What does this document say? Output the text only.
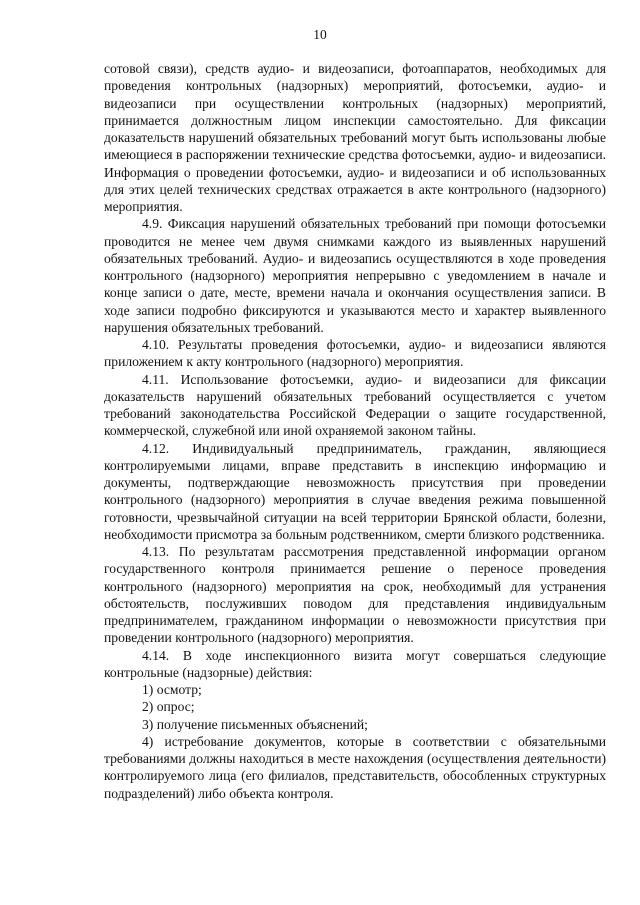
10

сотовой связи), средств аудио- и видеозаписи, фотоаппаратов, необходимых для проведения контрольных (надзорных) мероприятий, фотосъемки, аудио- и видеозаписи при осуществлении контрольных (надзорных) мероприятий, принимается должностным лицом инспекции самостоятельно. Для фиксации доказательств нарушений обязательных требований могут быть использованы любые имеющиеся в распоряжении технические средства фотосъемки, аудио- и видеозаписи. Информация о проведении фотосъемки, аудио- и видеозаписи и об использованных для этих целей технических средствах отражается в акте контрольного (надзорного) мероприятия.

4.9. Фиксация нарушений обязательных требований при помощи фотосъемки проводится не менее чем двумя снимками каждого из выявленных нарушений обязательных требований. Аудио- и видеозапись осуществляются в ходе проведения контрольного (надзорного) мероприятия непрерывно с уведомлением в начале и конце записи о дате, месте, времени начала и окончания осуществления записи. В ходе записи подробно фиксируются и указываются место и характер выявленного нарушения обязательных требований.

4.10. Результаты проведения фотосъемки, аудио- и видеозаписи являются приложением к акту контрольного (надзорного) мероприятия.

4.11. Использование фотосъемки, аудио- и видеозаписи для фиксации доказательств нарушений обязательных требований осуществляется с учетом требований законодательства Российской Федерации о защите государственной, коммерческой, служебной или иной охраняемой законом тайны.

4.12. Индивидуальный предприниматель, гражданин, являющиеся контролируемыми лицами, вправе представить в инспекцию информацию и документы, подтверждающие невозможность присутствия при проведении контрольного (надзорного) мероприятия в случае введения режима повышенной готовности, чрезвычайной ситуации на всей территории Брянской области, болезни, необходимости присмотра за больным родственником, смерти близкого родственника.

4.13. По результатам рассмотрения представленной информации органом государственного контроля принимается решение о переносе проведения контрольного (надзорного) мероприятия на срок, необходимый для устранения обстоятельств, послуживших поводом для представления индивидуальным предпринимателем, гражданином информации о невозможности присутствия при проведении контрольного (надзорного) мероприятия.

4.14. В ходе инспекционного визита могут совершаться следующие контрольные (надзорные) действия:

1) осмотр;

2) опрос;

3) получение письменных объяснений;

4) истребование документов, которые в соответствии с обязательными требованиями должны находиться в месте нахождения (осуществления деятельности) контролируемого лица (его филиалов, представительств, обособленных структурных подразделений) либо объекта контроля.
